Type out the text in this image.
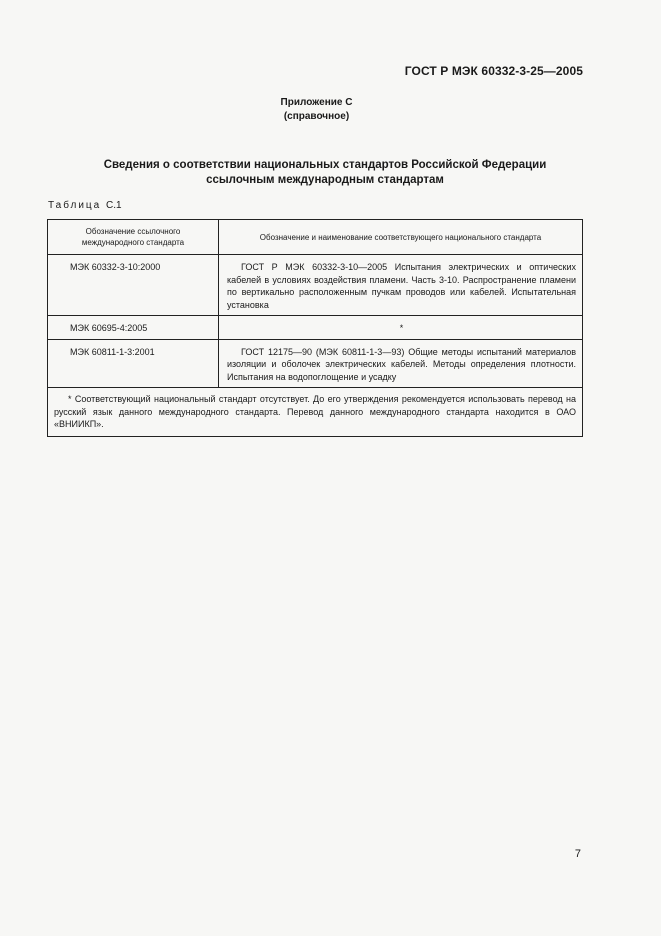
ГОСТ Р МЭК 60332-3-25—2005
Приложение С
(справочное)
Сведения о соответствии национальных стандартов Российской Федерации
ссылочным международным стандартам
Таблица С.1
Обозначение ссылочного международного стандарта	Обозначение и наименование соответствующего национального стандарта
МЭК 60332-3-10:2000	ГОСТ Р МЭК 60332-3-10—2005 Испытания электрических и оптических кабелей в условиях воздействия пламени. Часть 3-10. Распространение пламени по вертикально расположенным пучкам проводов или кабелей. Испытательная установка
МЭК 60695-4:2005	*
МЭК 60811-1-3:2001	ГОСТ 12175—90 (МЭК 60811-1-3—93) Общие методы испытаний материалов изоляции и оболочек электрических кабелей. Методы определения плотности. Испытания на водопоглощение и усадку
* Соответствующий национальный стандарт отсутствует. До его утверждения рекомендуется использовать перевод на русский язык данного международного стандарта. Перевод данного международного стандарта находится в ОАО «ВНИИКП».	
7
